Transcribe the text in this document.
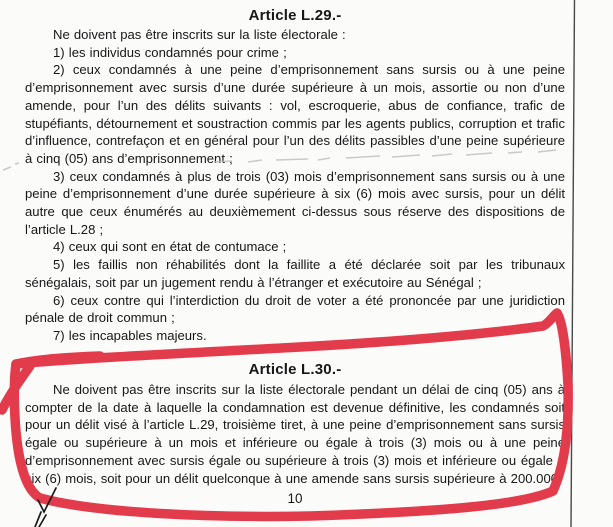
Article L.29.-

Ne doivent pas être inscrits sur la liste électorale :

1) les individus condamnés pour crime ;

2) ceux condamnés à une peine d’emprisonnement sans sursis ou à une peine d’emprisonnement avec sursis d’une durée supérieure à un mois, assortie ou non d’une amende, pour l’un des délits suivants : vol, escroquerie, abus de confiance, trafic de stupéfiants, détournement et soustraction commis par les agents publics, corruption et trafic d’influence, contrefaçon et en général pour l’un des délits passibles d’une peine supérieure à cinq (05) ans d’emprisonnement ;

3) ceux condamnés à plus de trois (03) mois d’emprisonnement sans sursis ou à une peine d’emprisonnement d’une durée supérieure à six (6) mois avec sursis, pour un délit autre que ceux énumérés au deuxièmement ci-dessus sous réserve des dispositions de l’article L.28 ;

4) ceux qui sont en état de contumace ;

5) les faillis non réhabilités dont la faillite a été déclarée soit par les tribunaux sénégalais, soit par un jugement rendu à l’étranger et exécutoire au Sénégal ;

6) ceux contre qui l’interdiction du droit de voter a été prononcée par une juridiction pénale de droit commun ;

7) les incapables majeurs.

Article L.30.-

Ne doivent pas être inscrits sur la liste électorale pendant un délai de cinq (05) ans à compter de la date à laquelle la condamnation est devenue définitive, les condamnés soit pour un délit visé à l’article L.29, troisième tiret, à une peine d’emprisonnement sans sursis égale ou supérieure à un mois et inférieure ou égale à trois (3) mois ou à une peine d’emprisonnement avec sursis égale ou supérieure à trois (3) mois et inférieure ou égale à six (6) mois, soit pour un délit quelconque à une amende sans sursis supérieure à 200.000

10
